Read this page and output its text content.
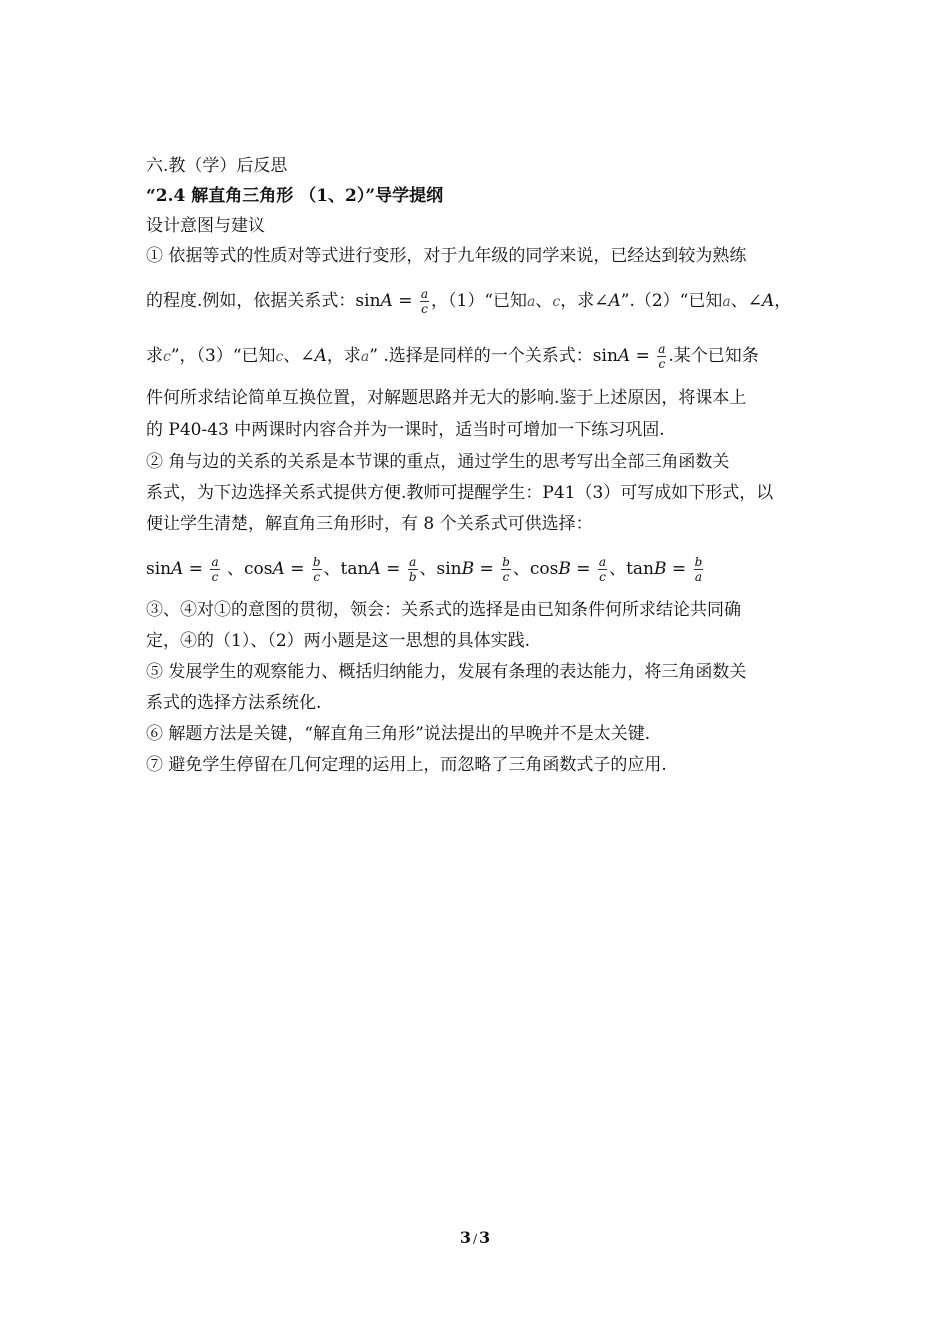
六.教（学）后反思
“2.4 解直角三角形 （1、2）”导学提纲
设计意图与建议
① 依据等式的性质对等式进行变形，对于九年级的同学来说，已经达到较为熟练
的程度.例如，依据关系式：$\sin A = \frac{a}{c}$ ，（1）“已知a、c，求∠A”.（2）“已知a、∠A，
求c”，（3）“已知c、∠A，求a” .选择是同样的一个关系式：$\sin A = \frac{a}{c}$ .某个已知条
件何所求结论简单互换位置，对解题思路并无大的影响.鉴于上述原因，将课本上
的 P40-43 中两课时内容合并为一课时，适当时可增加一下练习巩固.
② 角与边的关系的关系是本节课的重点，通过学生的思考写出全部三角函数关
系式，为下边选择关系式提供方便.教师可提醒学生：P41（3）可写成如下形式，以
便让学生清楚，解直角三角形时，有 8 个关系式可供选择：
$\sin A = \frac{a}{c}$ 、$\cos A = \frac{b}{c}$ 、$\tan A = \frac{a}{b}$ 、$\sin B = \frac{b}{c}$ 、$\cos B = \frac{a}{c}$ 、$\tan B = \frac{b}{a}$
③、④对①的意图的贯彻，领会：关系式的选择是由已知条件何所求结论共同确
定，④的（1）、（2）两小题是这一思想的具体实践.
⑤ 发展学生的观察能力、概括归纳能力，发展有条理的表达能力，将三角函数关
系式的选择方法系统化.
⑥ 解题方法是关键，“解直角三角形”说法提出的早晚并不是太关键.
⑦ 避免学生停留在几何定理的运用上，而忽略了三角函数式子的应用.
3 / 3
